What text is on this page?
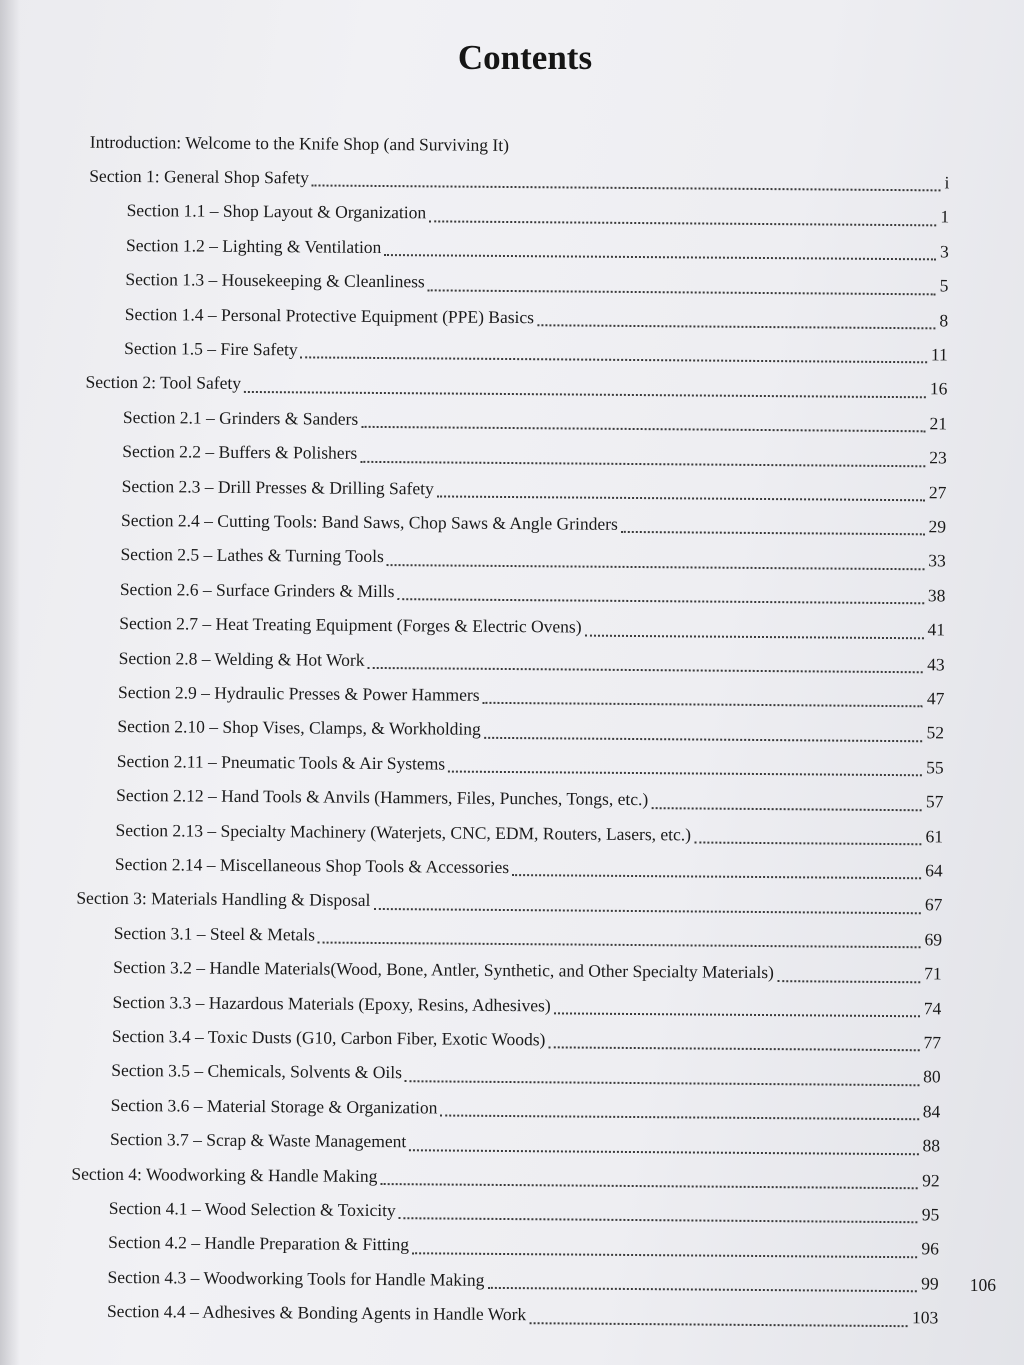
Contents
Introduction: Welcome to the Knife Shop (and Surviving It)
Section 1: General Shop Safety	i
Section 1.1 – Shop Layout & Organization	1
Section 1.2 – Lighting & Ventilation	3
Section 1.3 – Housekeeping & Cleanliness	5
Section 1.4 – Personal Protective Equipment (PPE) Basics	8
Section 1.5 – Fire Safety	11
Section 2: Tool Safety	16
Section 2.1 – Grinders & Sanders	21
Section 2.2 – Buffers & Polishers	23
Section 2.3 – Drill Presses & Drilling Safety	27
Section 2.4 – Cutting Tools: Band Saws, Chop Saws & Angle Grinders	29
Section 2.5 – Lathes & Turning Tools	33
Section 2.6 – Surface Grinders & Mills	38
Section 2.7 – Heat Treating Equipment (Forges & Electric Ovens)	41
Section 2.8 – Welding & Hot Work	43
Section 2.9 – Hydraulic Presses & Power Hammers	47
Section 2.10 – Shop Vises, Clamps, & Workholding	52
Section 2.11 – Pneumatic Tools & Air Systems	55
Section 2.12 – Hand Tools & Anvils (Hammers, Files, Punches, Tongs, etc.)	57
Section 2.13 – Specialty Machinery (Waterjets, CNC, EDM, Routers, Lasers, etc.)	61
Section 2.14 – Miscellaneous Shop Tools & Accessories	64
Section 3: Materials Handling & Disposal	67
Section 3.1 – Steel & Metals	69
Section 3.2 – Handle Materials(Wood, Bone, Antler, Synthetic, and Other Specialty Materials)	71
Section 3.3 – Hazardous Materials (Epoxy, Resins, Adhesives)	74
Section 3.4 – Toxic Dusts (G10, Carbon Fiber, Exotic Woods)	77
Section 3.5 – Chemicals, Solvents & Oils	80
Section 3.6 – Material Storage & Organization	84
Section 3.7 – Scrap & Waste Management	88
Section 4: Woodworking & Handle Making	92
Section 4.1 – Wood Selection & Toxicity	95
Section 4.2 – Handle Preparation & Fitting	96
Section 4.3 – Woodworking Tools for Handle Making	99
Section 4.4 – Adhesives & Bonding Agents in Handle Work	103
106
